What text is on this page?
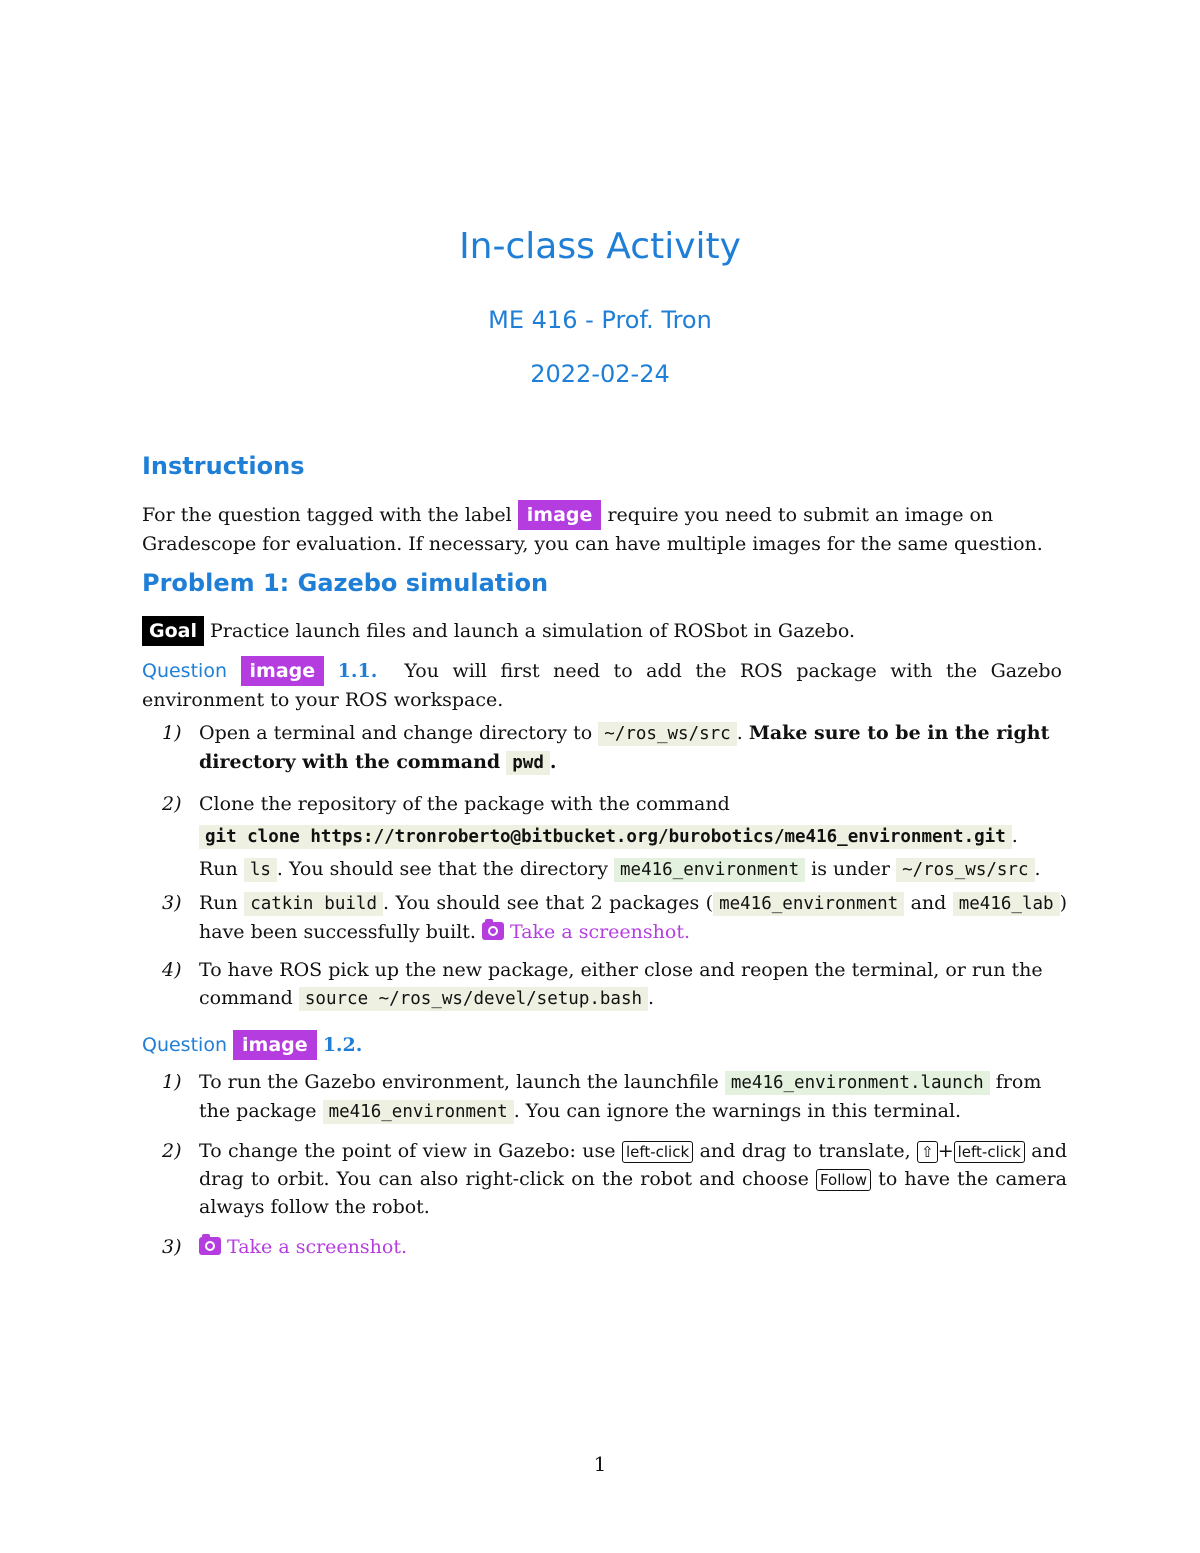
In-class Activity
ME 416 - Prof. Tron
2022-02-24
Instructions
For the question tagged with the label image require you need to submit an image on Gradescope for evaluation. If necessary, you can have multiple images for the same question.
Problem 1: Gazebo simulation
Goal Practice launch files and launch a simulation of ROSbot in Gazebo.
Question image 1.1. You will first need to add the ROS package with the Gazebo environment to your ROS workspace.
1) Open a terminal and change directory to ~/ros_ws/src . Make sure to be in the right directory with the command pwd .
2) Clone the repository of the package with the command
git clone https://tronroberto@bitbucket.org/burobotics/me416_environment.git .
Run ls . You should see that the directory me416_environment is under ~/ros_ws/src .
3) Run catkin build . You should see that 2 packages ( me416_environment and me416_lab ) have been successfully built. Take a screenshot.
4) To have ROS pick up the new package, either close and reopen the terminal, or run the command source ~/ros_ws/devel/setup.bash .
Question image 1.2.
1) To run the Gazebo environment, launch the launchfile me416_environment.launch from the package me416_environment . You can ignore the warnings in this terminal.
2) To change the point of view in Gazebo: use left-click and drag to translate, ⇧ + left-click and drag to orbit. You can also right-click on the robot and choose Follow to have the camera always follow the robot.
3)	Take a screenshot.
1
